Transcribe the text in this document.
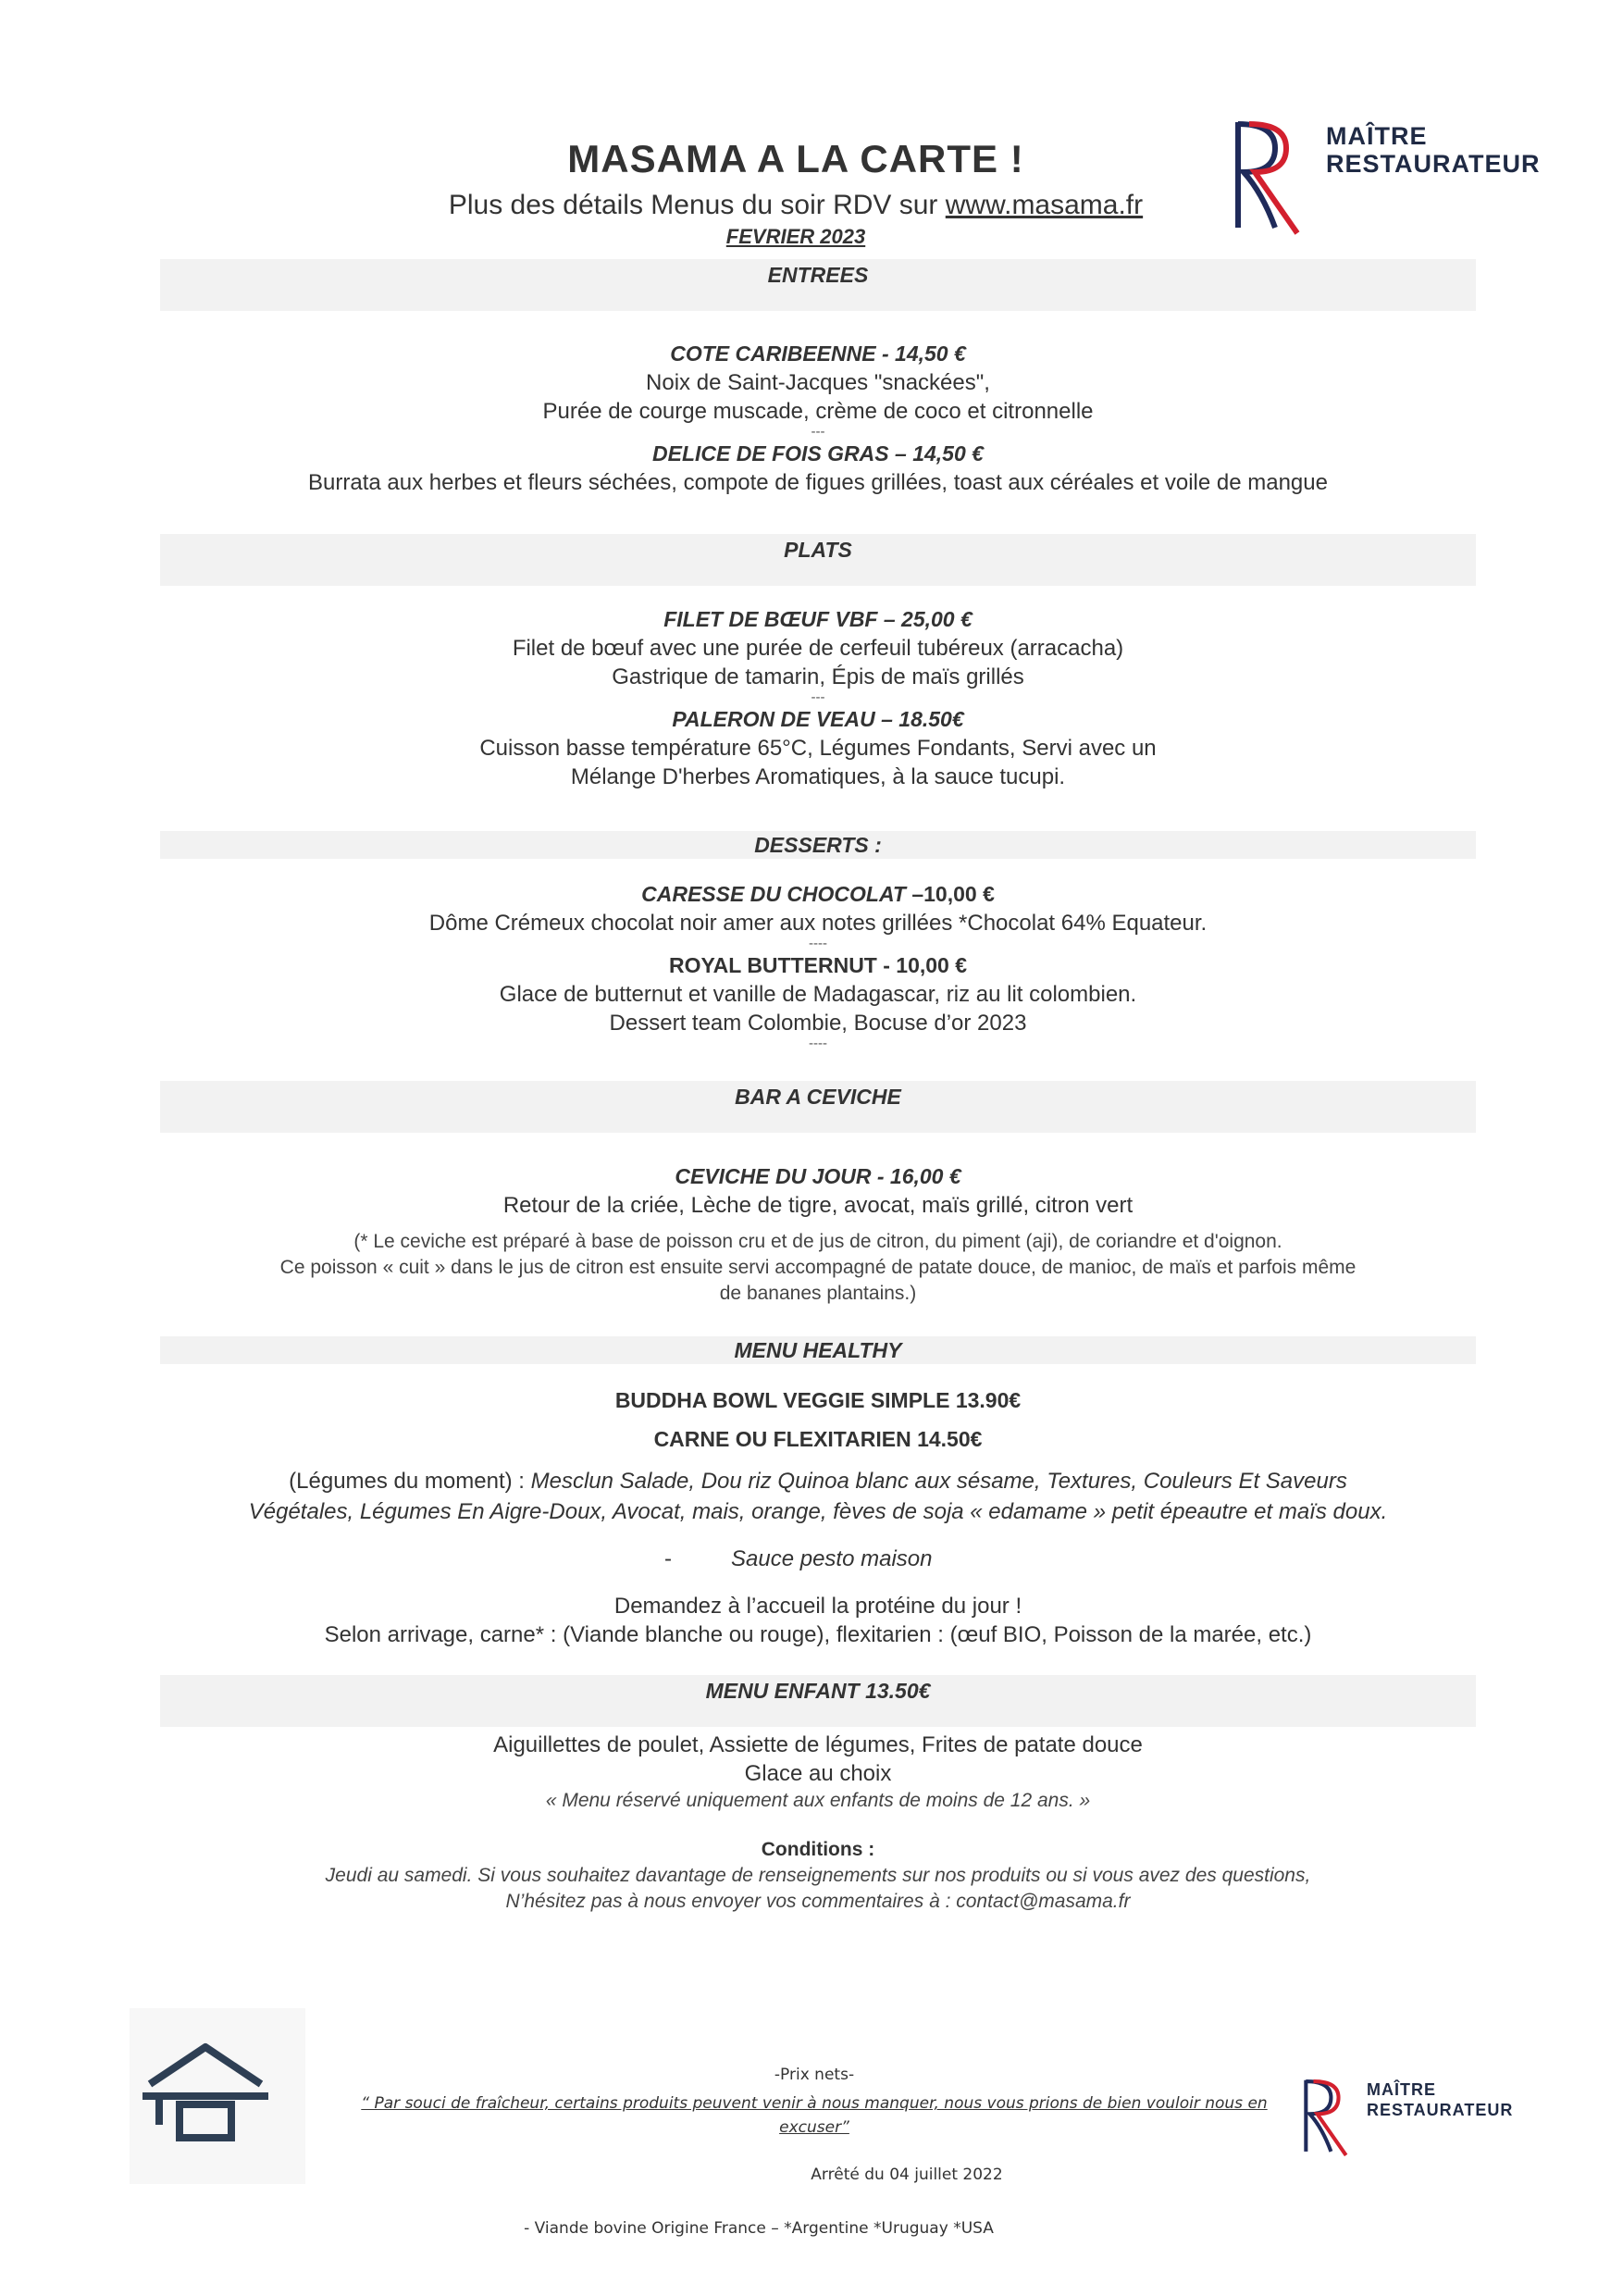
MASAMA A LA CARTE !
Plus des détails Menus du soir RDV sur www.masama.fr
FEVRIER 2023
MAÎTRE
RESTAURATEUR
ENTREES
COTE CARIBEENNE - 14,50 €
Noix de Saint-Jacques "snackées",
Purée de courge muscade, crème de coco et citronnelle
---
DELICE DE FOIS GRAS – 14,50 €
Burrata aux herbes et fleurs séchées, compote de figues grillées, toast aux céréales et voile de mangue
PLATS
FILET DE BŒUF VBF – 25,00 €
Filet de bœuf avec une purée de cerfeuil tubéreux (arracacha)
Gastrique de tamarin, Épis de maïs grillés
---
PALERON DE VEAU – 18.50€
Cuisson basse température 65°C, Légumes Fondants, Servi avec un
Mélange D'herbes Aromatiques, à la sauce tucupi.
DESSERTS :
CARESSE DU CHOCOLAT –10,00 €
Dôme Crémeux chocolat noir amer aux notes grillées *Chocolat 64% Equateur.
----
ROYAL BUTTERNUT - 10,00 €
Glace de butternut et vanille de Madagascar, riz au lit colombien.
Dessert team Colombie, Bocuse d’or 2023
----
BAR A CEVICHE
CEVICHE DU JOUR - 16,00 €
Retour de la criée, Lèche de tigre, avocat, maïs grillé, citron vert
(* Le ceviche est préparé à base de poisson cru et de jus de citron, du piment (aji), de coriandre et d'oignon.
Ce poisson « cuit » dans le jus de citron est ensuite servi accompagné de patate douce, de manioc, de maïs et parfois même
de bananes plantains.)
MENU HEALTHY
BUDDHA BOWL VEGGIE SIMPLE 13.90€
CARNE OU FLEXITARIEN 14.50€
(Légumes du moment) : Mesclun Salade, Dou riz Quinoa blanc aux sésame, Textures, Couleurs Et Saveurs
Végétales, Légumes En Aigre-Doux, Avocat, mais, orange, fèves de soja « edamame » petit épeautre et maïs doux.
-	Sauce pesto maison
Demandez à l’accueil la protéine du jour !
Selon arrivage, carne* : (Viande blanche ou rouge), flexitarien : (œuf BIO, Poisson de la marée, etc.)
MENU ENFANT 13.50€
Aiguillettes de poulet, Assiette de légumes, Frites de patate douce
Glace au choix
« Menu réservé uniquement aux enfants de moins de 12 ans. »
Conditions :
Jeudi au samedi. Si vous souhaitez davantage de renseignements sur nos produits ou si vous avez des questions,
N’hésitez pas à nous envoyer vos commentaires à : contact@masama.fr
-Prix nets-
“ Par souci de fraîcheur, certains produits peuvent venir à nous manquer, nous vous prions de bien vouloir nous en
excuser”
Arrêté du 04 juillet 2022
- Viande bovine Origine France – *Argentine *Uruguay *USA
MAÎTRE
RESTAURATEUR
